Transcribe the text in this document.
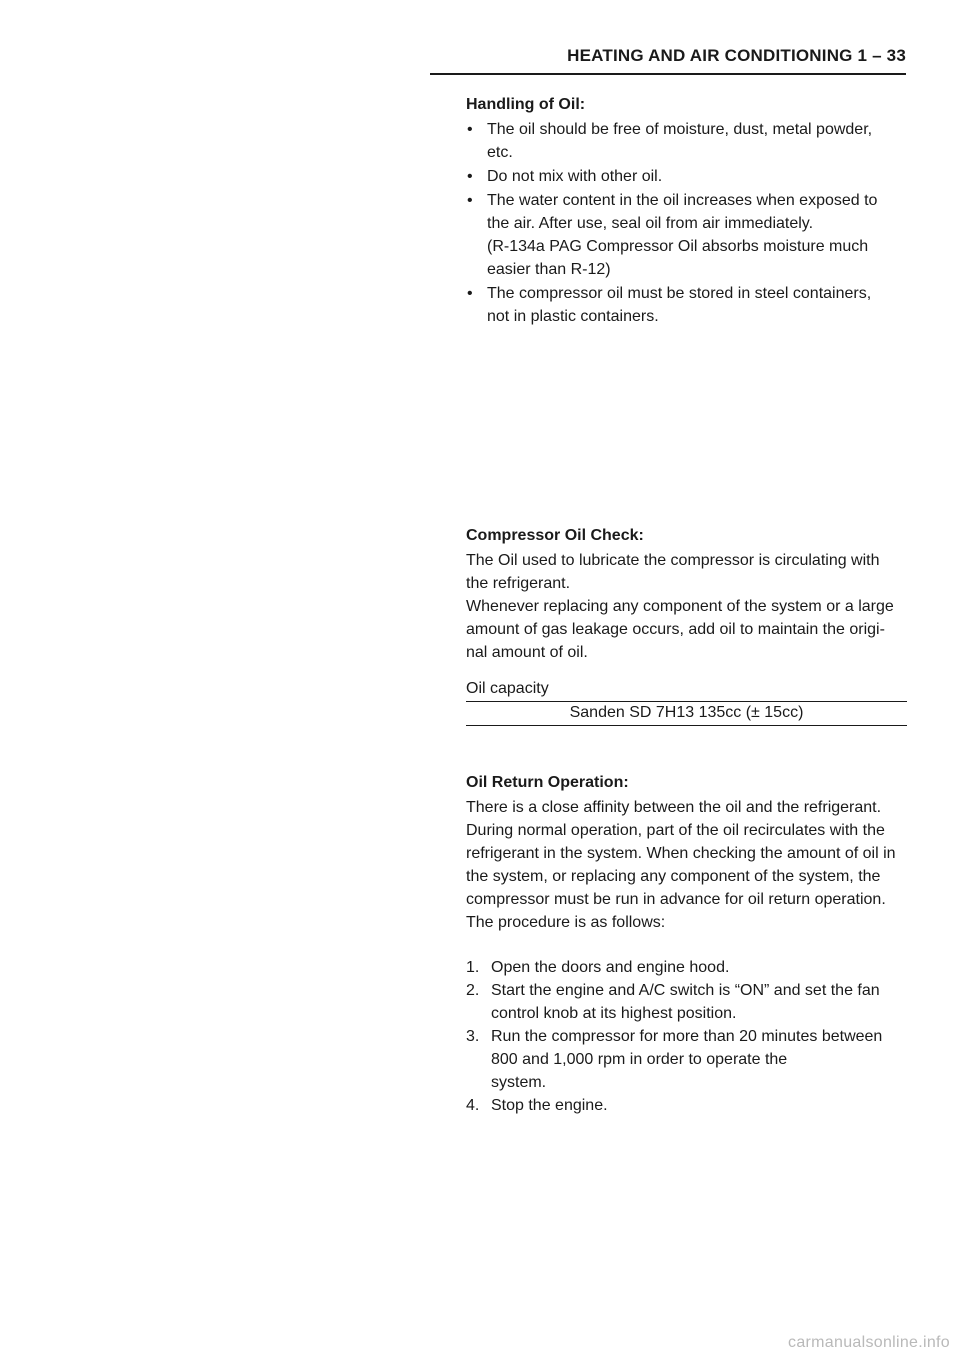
HEATING AND AIR CONDITIONING 1 – 33
Handling of Oil:
• The oil should be free of moisture, dust, metal powder,
etc.
• Do not mix with other oil.
• The water content in the oil increases when exposed to
the air. After use, seal oil from air immediately.
(R-134a PAG Compressor Oil absorbs moisture much
easier than R-12)
• The compressor oil must be stored in steel containers,
not in plastic containers.
Compressor Oil Check:

The Oil used to lubricate the compressor is circulating with

the refrigerant.

Whenever replacing any component of the system or a large

amount of gas leakage occurs, add oil to maintain the origi-

nal amount of oil.

Oil capacity
Sanden SD 7H13 135cc (± 15cc)
Oil Return Operation:

There is a close affinity between the oil and the refrigerant.

During normal operation, part of the oil recirculates with the

refrigerant in the system. When checking the amount of oil in

the system, or replacing any component of the system, the

compressor must be run in advance for oil return operation.

The procedure is as follows:

1. Open the doors and engine hood.
2. Start the engine and A/C switch is “ON” and set the fan
control knob at its highest position.
3. Run the compressor for more than 20 minutes between
800 and 1,000 rpm in order to operate the
system.
4. Stop the engine.
carmanualsonline.info
